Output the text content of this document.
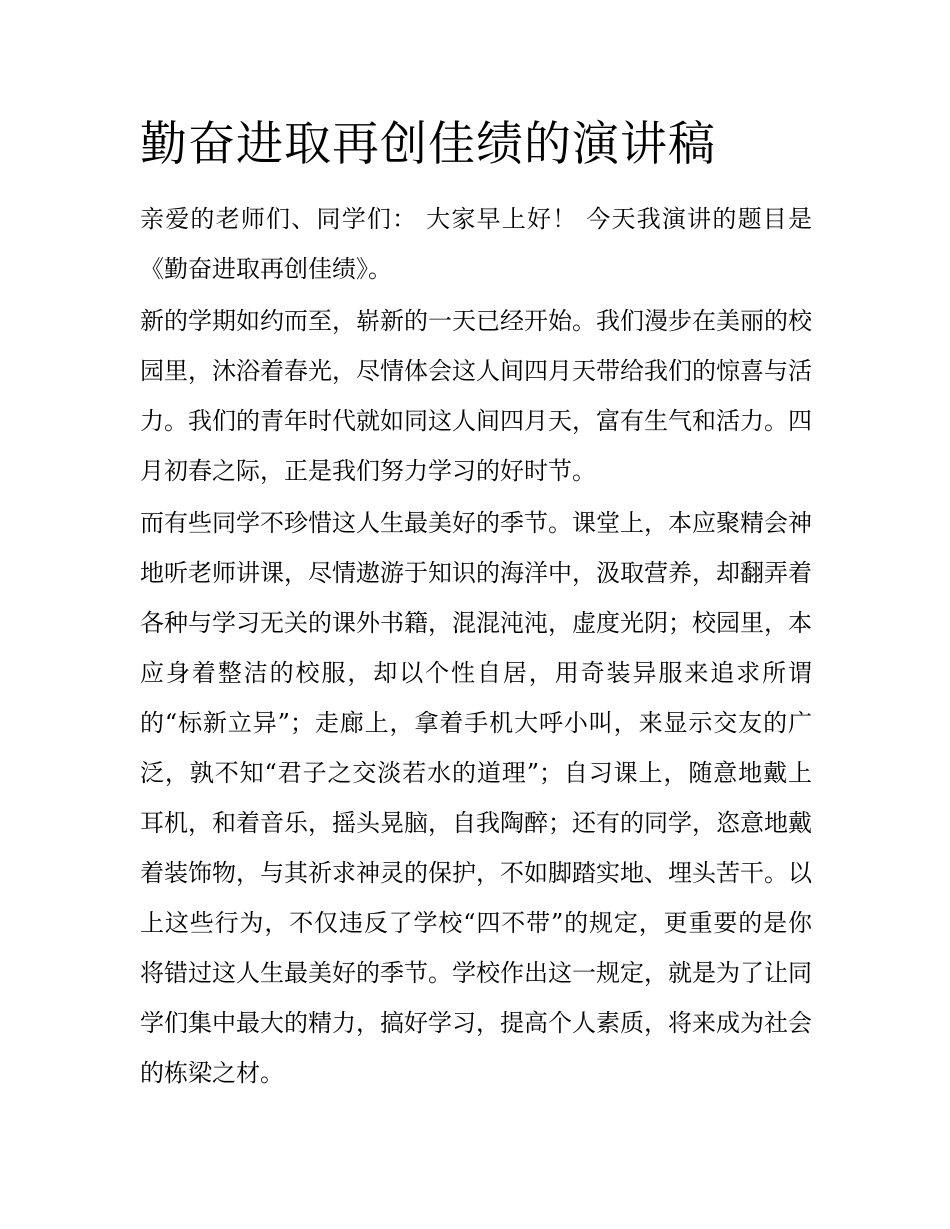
勤奋进取再创佳绩的演讲稿

亲爱的老师们、同学们： 大家早上好！ 今天我演讲的题目是《勤奋进取再创佳绩》。

新的学期如约而至，崭新的一天已经开始。我们漫步在美丽的校园里，沐浴着春光，尽情体会这人间四月天带给我们的惊喜与活力。我们的青年时代就如同这人间四月天，富有生气和活力。四月初春之际，正是我们努力学习的好时节。

而有些同学不珍惜这人生最美好的季节。课堂上，本应聚精会神地听老师讲课，尽情遨游于知识的海洋中，汲取营养，却翻弄着各种与学习无关的课外书籍，混混沌沌，虚度光阴；校园里，本应身着整洁的校服，却以个性自居，用奇装异服来追求所谓的“标新立异”；走廊上，拿着手机大呼小叫，来显示交友的广泛，孰不知“君子之交淡若水的道理”；自习课上，随意地戴上耳机，和着音乐，摇头晃脑，自我陶醉；还有的同学，恣意地戴着装饰物，与其祈求神灵的保护，不如脚踏实地、埋头苦干。以上这些行为，不仅违反了学校“四不带”的规定，更重要的是你将错过这人生最美好的季节。学校作出这一规定，就是为了让同学们集中最大的精力，搞好学习，提高个人素质，将来成为社会的栋梁之材。
